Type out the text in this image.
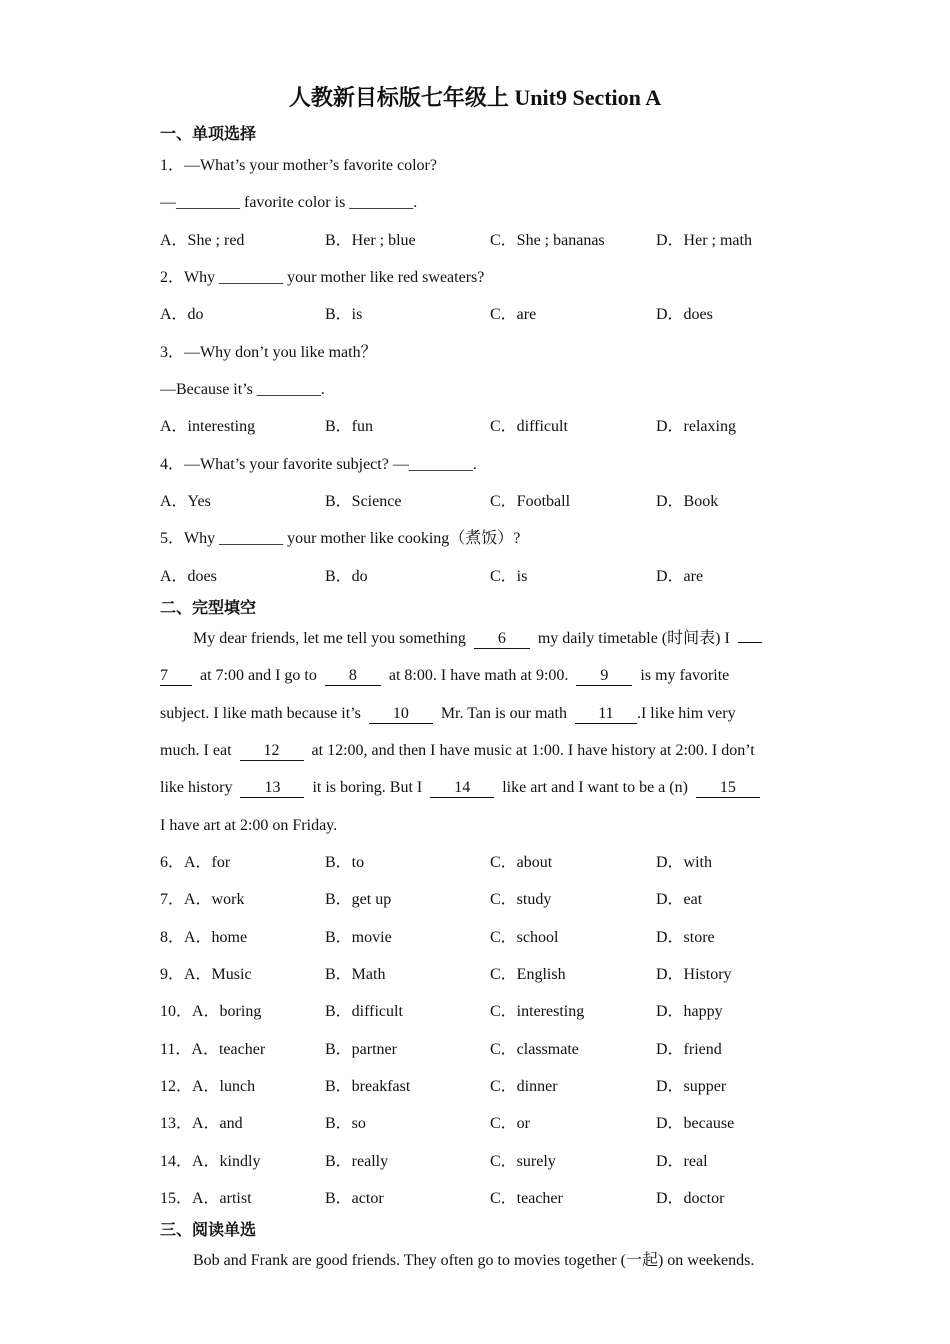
人教新目标版七年级上 Unit9 Section A
一、单项选择
1．—What’s your mother’s favorite color?
—________ favorite color is ________.
A．She ; red	B．Her ; blue	C．She ; bananas	D．Her ; math
2．Why ________ your mother like red sweaters?
A．do	B．is	C．are	D．does
3．—Why don’t you like math？
—Because it’s ________.
A．interesting	B．fun	C．difficult	D．relaxing
4．—What’s your favorite subject? —________.
A．Yes	B．Science	C．Football	D．Book
5．Why ________ your mother like cooking（煮饭）?
A．does	B．do	C．is	D．are
二、完型填空
My dear friends, let me tell you something 6 my daily timetable (时间表) I
7 at 7:00 and I go to 8 at 8:00. I have math at 9:00. 9 is my favorite
subject. I like math because it’s 10 Mr. Tan is our math 11 .I like him very
much. I eat 12 at 12:00, and then I have music at 1:00. I have history at 2:00. I don’t
like history 13 it is boring. But I 14 like art and I want to be a (n) 15
I have art at 2:00 on Friday.
6．A．for	B．to	C．about	D．with
7．A．work	B．get up	C．study	D．eat
8．A．home	B．movie	C．school	D．store
9．A．Music	B．Math	C．English	D．History
10．A．boring	B．difficult	C．interesting	D．happy
11．A．teacher	B．partner	C．classmate	D．friend
12．A．lunch	B．breakfast	C．dinner	D．supper
13．A．and	B．so	C．or	D．because
14．A．kindly	B．really	C．surely	D．real
15．A．artist	B．actor	C．teacher	D．doctor
三、阅读单选
Bob and Frank are good friends. They often go to movies together (一起) on weekends.
